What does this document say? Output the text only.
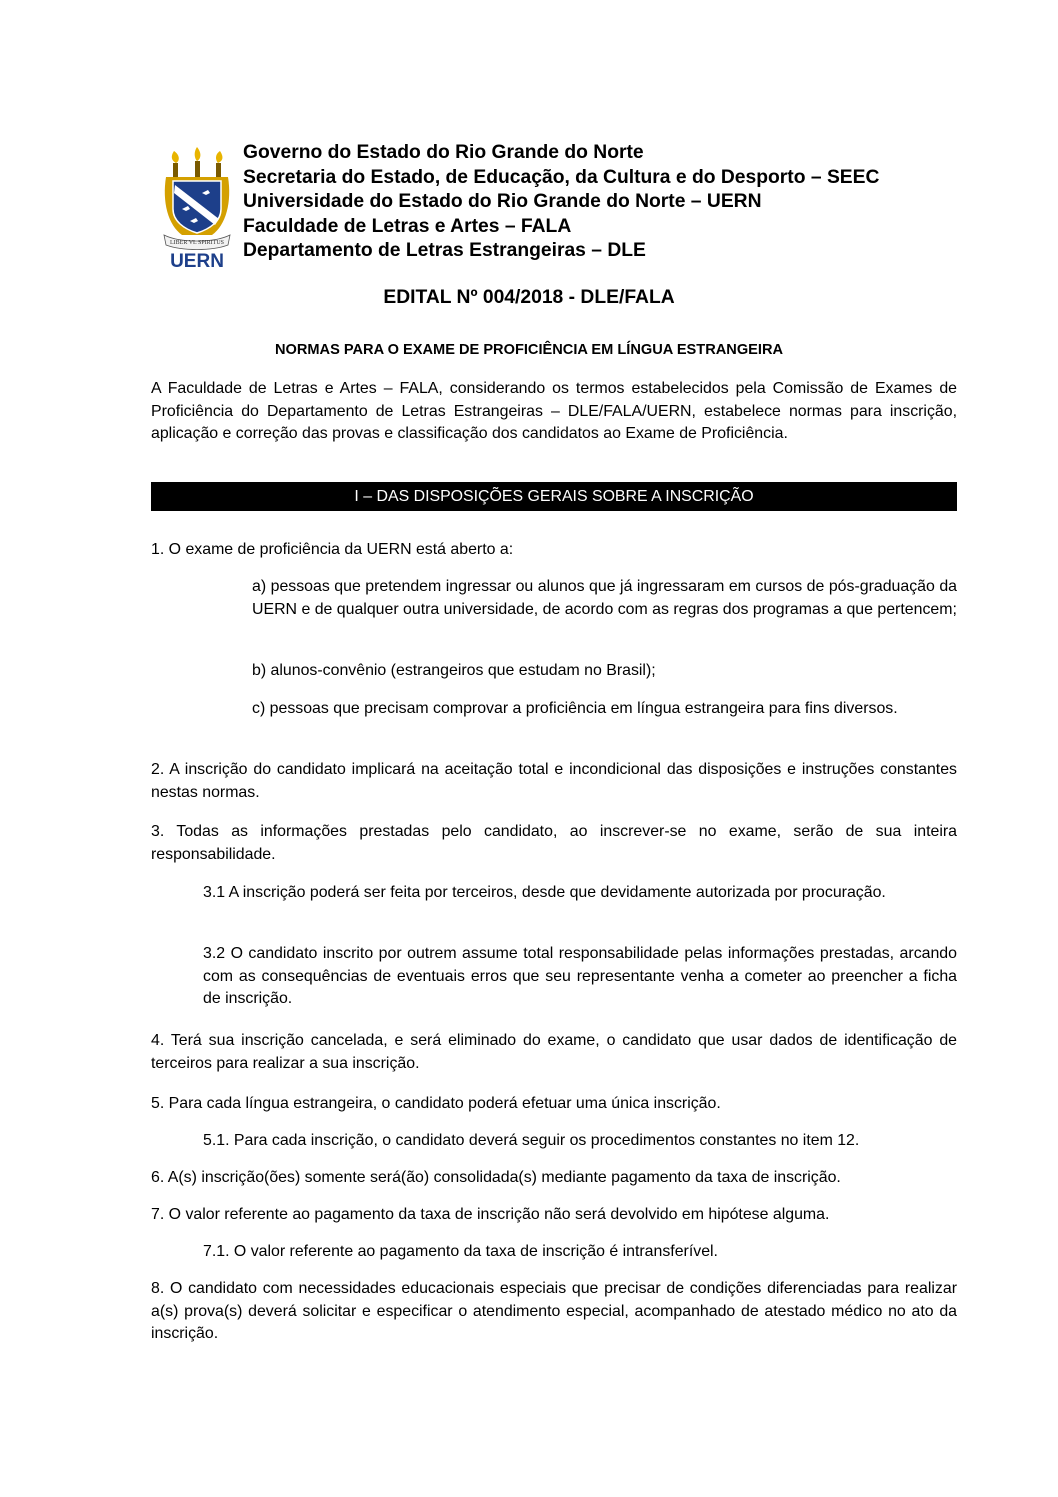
LIBER VL SPIRITUS
UERN
Governo do Estado do Rio Grande do Norte
Secretaria do Estado, de Educação, da Cultura e do Desporto – SEEC
Universidade do Estado do Rio Grande do Norte – UERN
Faculdade de Letras e Artes – FALA
Departamento de Letras Estrangeiras – DLE
EDITAL Nº 004/2018 - DLE/FALA
NORMAS PARA O EXAME DE PROFICIÊNCIA EM LÍNGUA ESTRANGEIRA
A Faculdade de Letras e Artes – FALA, considerando os termos estabelecidos pela Comissão de Exames de Proficiência do Departamento de Letras Estrangeiras – DLE/FALA/UERN, estabelece normas para inscrição, aplicação e correção das provas e classificação dos candidatos ao Exame de Proficiência.
I – DAS DISPOSIÇÕES GERAIS SOBRE A INSCRIÇÃO
1. O exame de proficiência da UERN está aberto a:
a) pessoas que pretendem ingressar ou alunos que já ingressaram em cursos de pós-graduação da UERN e de qualquer outra universidade, de acordo com as regras dos programas a que pertencem;
b) alunos-convênio (estrangeiros que estudam no Brasil);
c) pessoas que precisam comprovar a proficiência em língua estrangeira para fins diversos.
2. A inscrição do candidato implicará na aceitação total e incondicional das disposições e instruções constantes nestas normas.
3. Todas as informações prestadas pelo candidato, ao inscrever-se no exame, serão de sua inteira responsabilidade.
3.1 A inscrição poderá ser feita por terceiros, desde que devidamente autorizada por procuração.
3.2 O candidato inscrito por outrem assume total responsabilidade pelas informações prestadas, arcando com as consequências de eventuais erros que seu representante venha a cometer ao preencher a ficha de inscrição.
4. Terá sua inscrição cancelada, e será eliminado do exame, o candidato que usar dados de identificação de terceiros para realizar a sua inscrição.
5. Para cada língua estrangeira, o candidato poderá efetuar uma única inscrição.
5.1. Para cada inscrição, o candidato deverá seguir os procedimentos constantes no item 12.
6. A(s) inscrição(ões) somente será(ão) consolidada(s) mediante pagamento da taxa de inscrição.
7. O valor referente ao pagamento da taxa de inscrição não será devolvido em hipótese alguma.
7.1. O valor referente ao pagamento da taxa de inscrição é intransferível.
8. O candidato com necessidades educacionais especiais que precisar de condições diferenciadas para realizar a(s) prova(s) deverá solicitar e especificar o atendimento especial, acompanhado de atestado médico no ato da inscrição.
